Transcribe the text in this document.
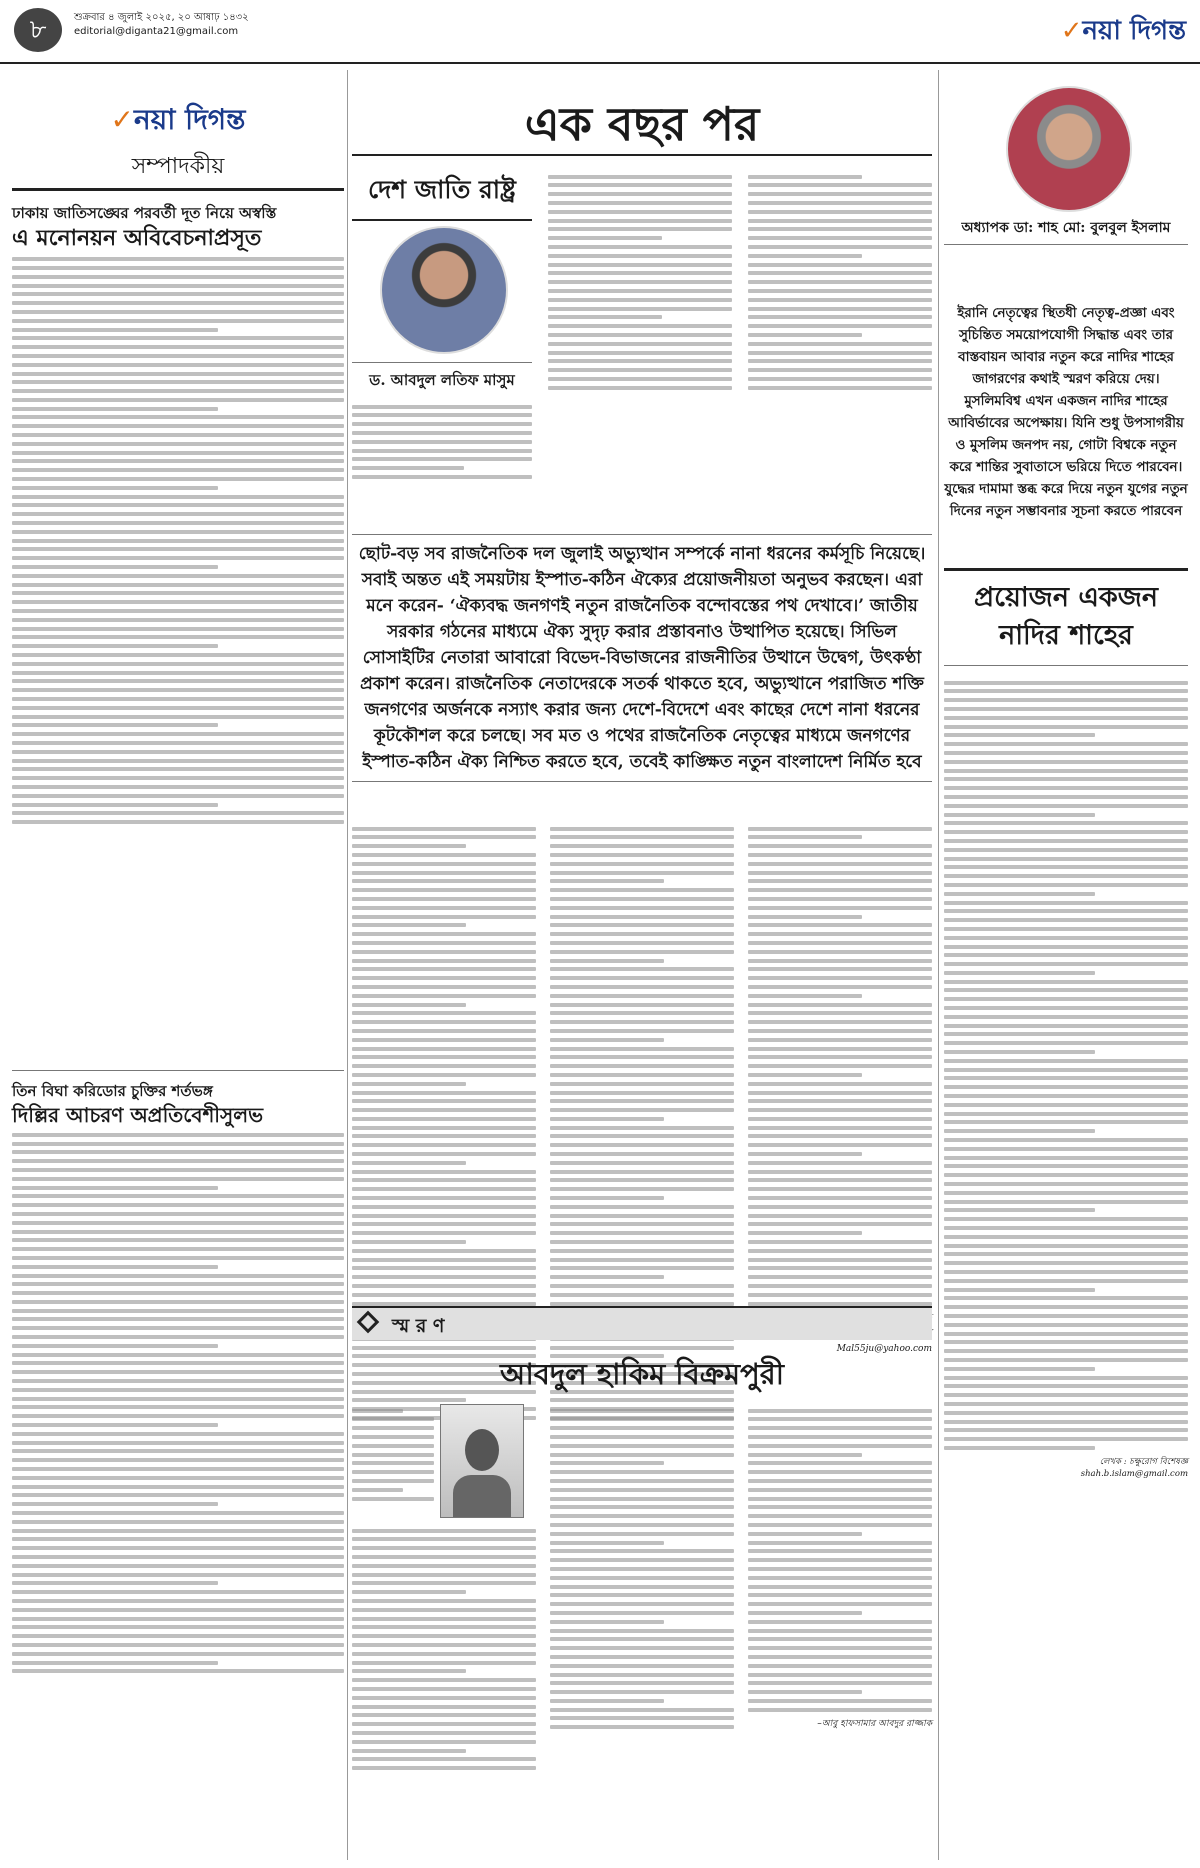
৮	শুক্রবার ৪ জুলাই ২০২৫, ২০ আষাঢ় ১৪৩২
editorial@diganta21@gmail.com	✓নয়া দিগন্ত
✓নয়া দিগন্ত
সম্পাদকীয়
ঢাকায় জাতিসঙ্ঘের পরবর্তী দূত নিয়ে অস্বস্তি
এ মনোনয়ন অবিবেচনাপ্রসূত
তিন বিঘা করিডোর চুক্তির শর্তভঙ্গ
দিল্লির আচরণ অপ্রতিবেশীসুলভ
এক বছর পর
দেশ জাতি রাষ্ট্র
ড. আবদুল লতিফ মাসুম
ছোট-বড় সব রাজনৈতিক দল জুলাই অভ্যুত্থান সম্পর্কে নানা ধরনের কর্মসূচি নিয়েছে। সবাই অন্তত এই সময়টায় ইস্পাত-কঠিন ঐক্যের প্রয়োজনীয়তা অনুভব করছেন। এরা মনে করেন- ‘ঐক্যবদ্ধ জনগণই নতুন রাজনৈতিক বন্দোবস্তের পথ দেখাবে।’ জাতীয় সরকার গঠনের মাধ্যমে ঐক্য সুদৃঢ় করার প্রস্তাবনাও উত্থাপিত হয়েছে। সিভিল সোসাইটির নেতারা আবারো বিভেদ-বিভাজনের রাজনীতির উত্থানে উদ্বেগ, উৎকণ্ঠা প্রকাশ করেন। রাজনৈতিক নেতাদেরকে সতর্ক থাকতে হবে, অভ্যুত্থানে পরাজিত শক্তি জনগণের অর্জনকে নস্যাৎ করার জন্য দেশে-বিদেশে এবং কাছের দেশে নানা ধরনের কূটকৌশল করে চলছে। সব মত ও পথের রাজনৈতিক নেতৃত্বের মাধ্যমে জনগণের ইস্পাত-কঠিন ঐক্য নিশ্চিত করতে হবে, তবেই কাঙ্ক্ষিত নতুন বাংলাদেশ নির্মিত হবে
Mal55ju@yahoo.com
স্ম র ণ
আবদুল হাকিম বিক্রমপুরী
–আবু হাফসামার আবদুর রাজ্জাক
অধ্যাপক ডা: শাহ মো: বুলবুল ইসলাম
ইরানি নেতৃত্বের স্থিতধী নেতৃত্ব-প্রজ্ঞা এবং সুচিন্তিত সময়োপযোগী সিদ্ধান্ত এবং তার বাস্তবায়ন আবার নতুন করে নাদির শাহের জাগরণের কথাই স্মরণ করিয়ে দেয়। মুসলিমবিশ্ব এখন একজন নাদির শাহের আবির্ভাবের অপেক্ষায়। যিনি শুধু উপসাগরীয় ও মুসলিম জনপদ নয়, গোটা বিশ্বকে নতুন করে শান্তির সুবাতাসে ভরিয়ে দিতে পারবেন। যুদ্ধের দামামা স্তব্ধ করে দিয়ে নতুন যুগের নতুন দিনের নতুন সম্ভাবনার সূচনা করতে পারবেন
প্রয়োজন একজন নাদির শাহের
লেখক : চক্ষুরোগ বিশেষজ্ঞ
shah.b.islam@gmail.com
